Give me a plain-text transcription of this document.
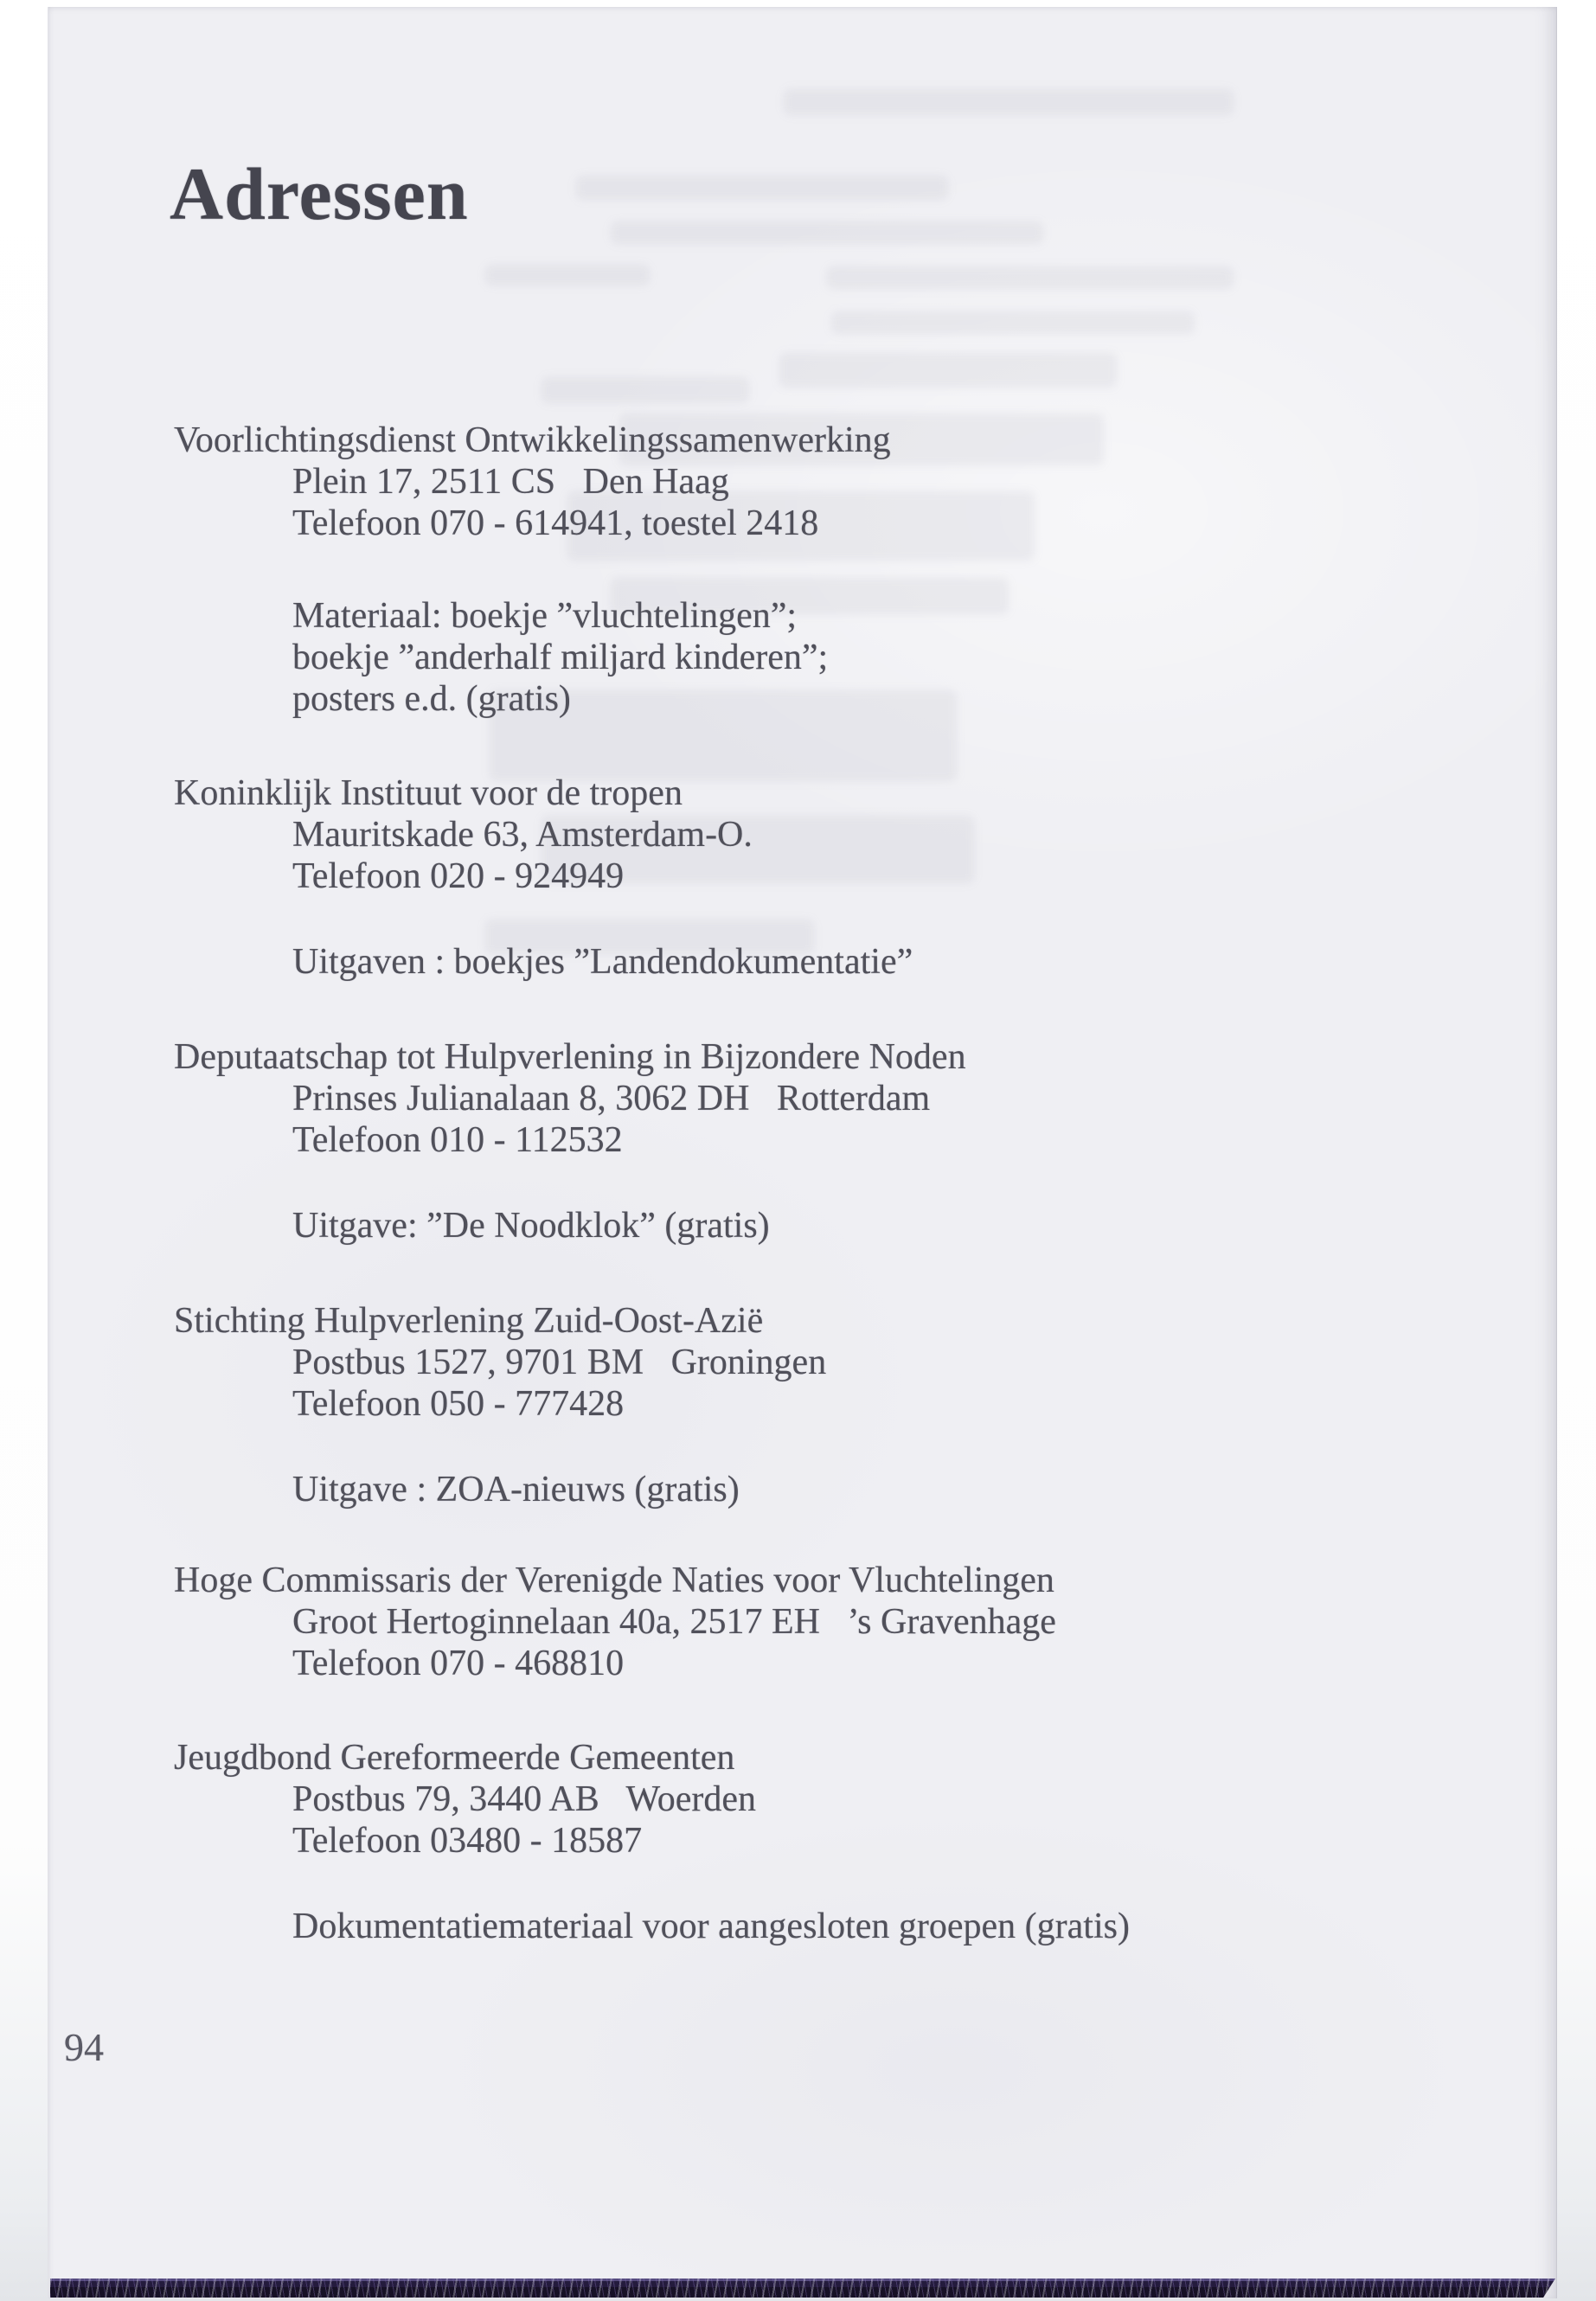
Adressen
Voorlichtingsdienst Ontwikkelingssamenwerking
Plein 17, 2511 CS   Den Haag
Telefoon 070 - 614941, toestel 2418
Materiaal: boekje ”vluchtelingen”;
boekje ”anderhalf miljard kinderen”;
posters e.d. (gratis)
Koninklijk Instituut voor de tropen
Mauritskade 63, Amsterdam-O.
Telefoon 020 - 924949
Uitgaven : boekjes ”Landendokumentatie”
Deputaatschap tot Hulpverlening in Bijzondere Noden
Prinses Julianalaan 8, 3062 DH   Rotterdam
Telefoon 010 - 112532
Uitgave: ”De Noodklok” (gratis)
Stichting Hulpverlening Zuid-Oost-Azië
Postbus 1527, 9701 BM   Groningen
Telefoon 050 - 777428
Uitgave : ZOA-nieuws (gratis)
Hoge Commissaris der Verenigde Naties voor Vluchtelingen
Groot Hertoginnelaan 40a, 2517 EH   ’s Gravenhage
Telefoon 070 - 468810
Jeugdbond Gereformeerde Gemeenten
Postbus 79, 3440 AB   Woerden
Telefoon 03480 - 18587
Dokumentatiemateriaal voor aangesloten groepen (gratis)
94
